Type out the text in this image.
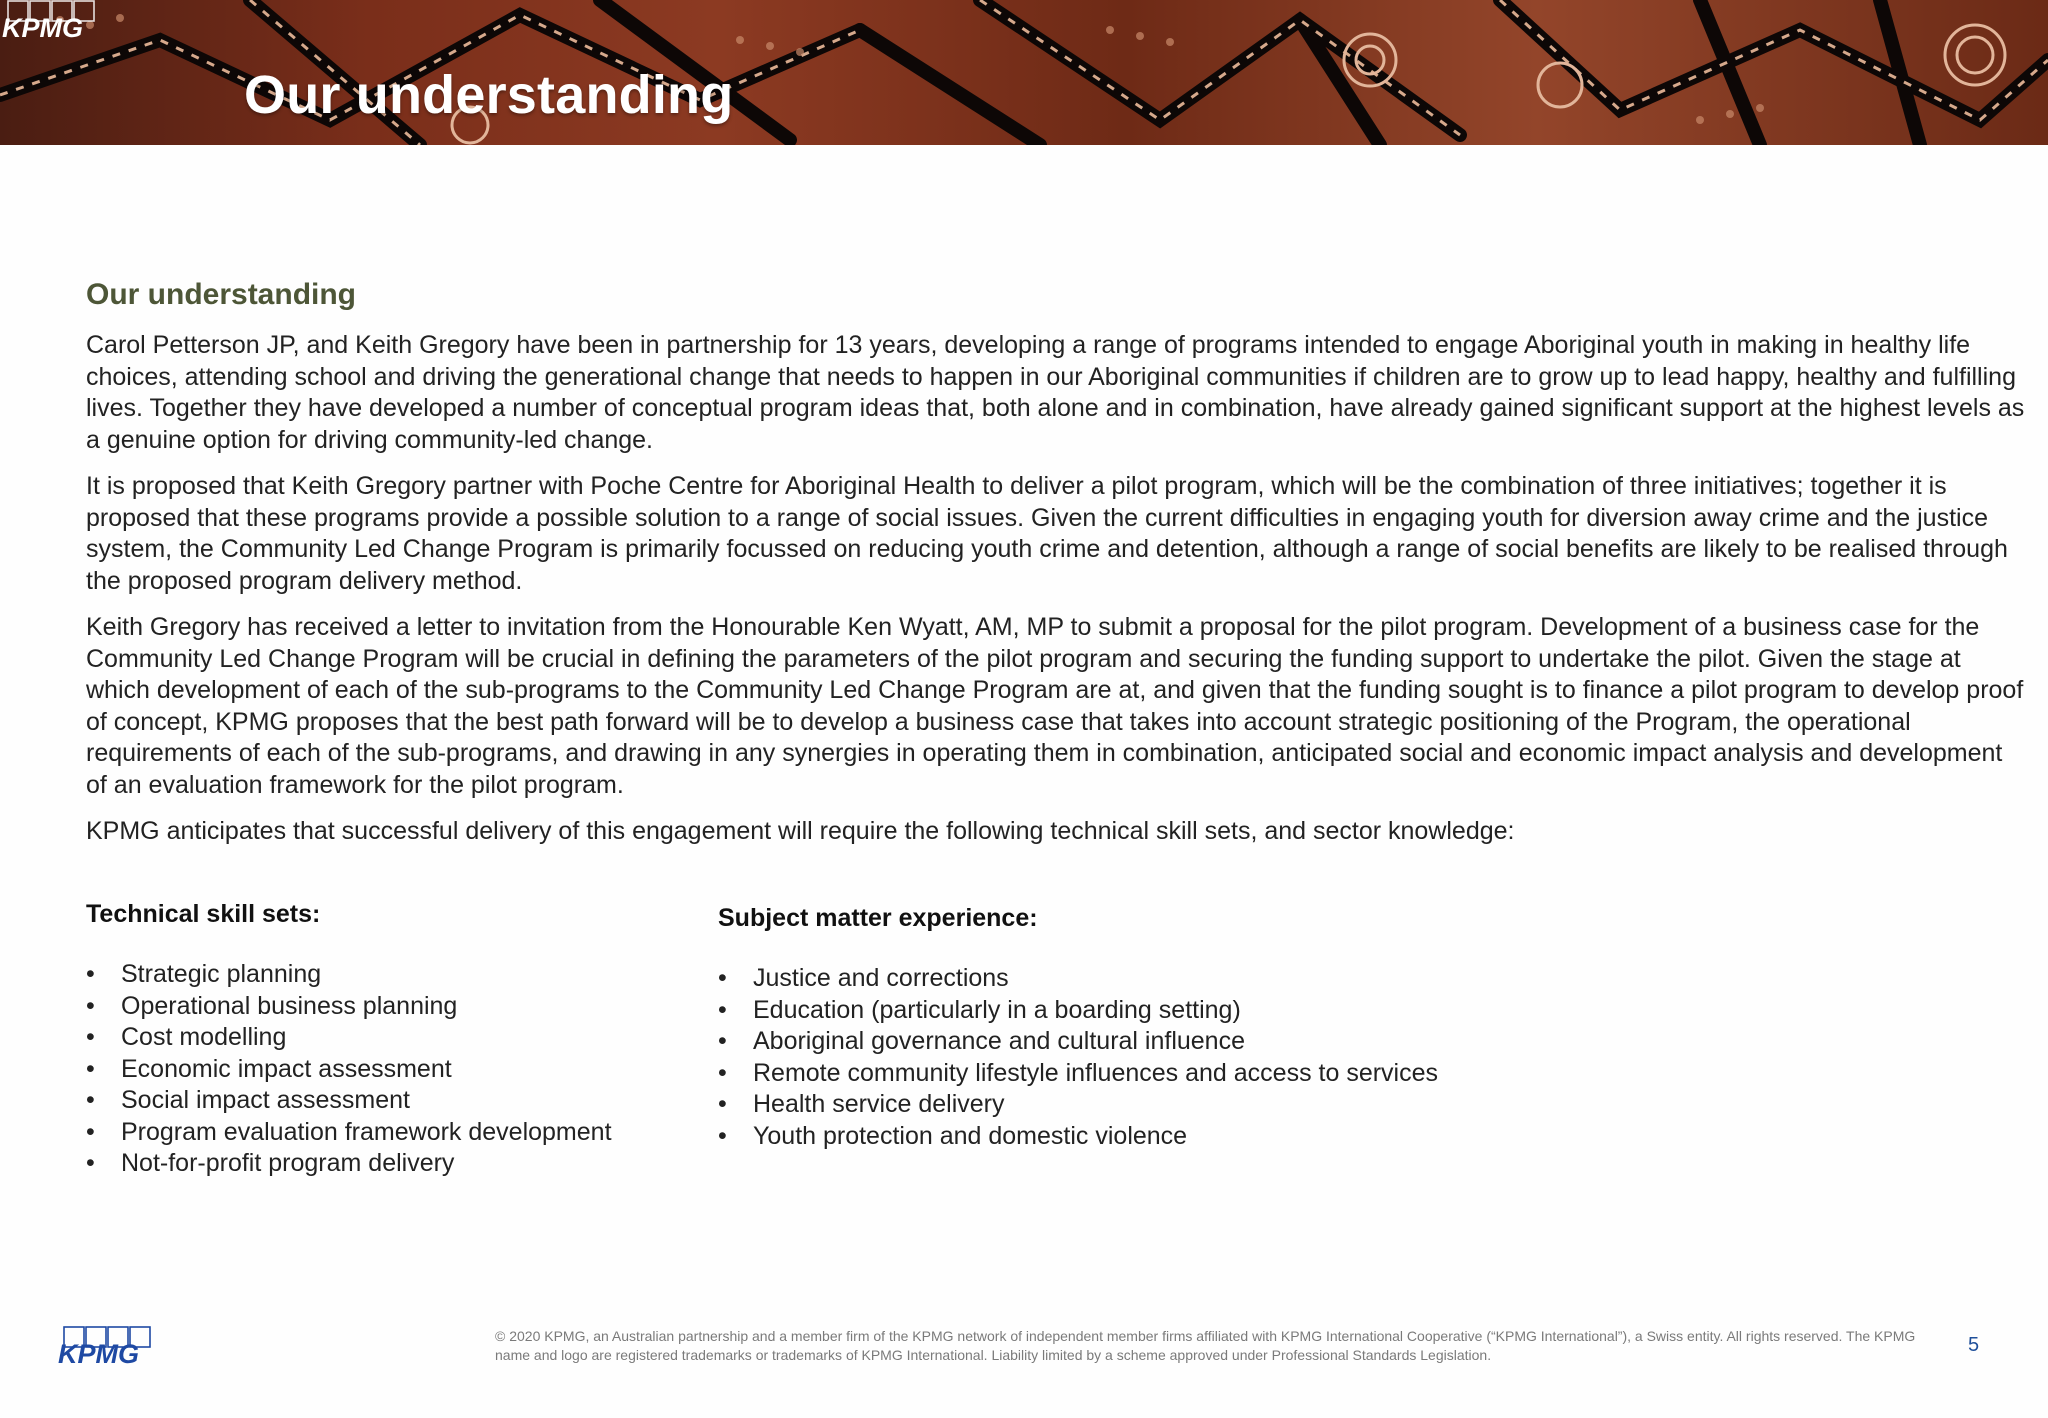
KPMG
Our understanding
Our understanding

Carol Petterson JP, and Keith Gregory have been in partnership for 13 years, developing a range of programs intended to engage Aboriginal youth in making in healthy life choices, attending school and driving the generational change that needs to happen in our Aboriginal communities if children are to grow up to lead happy, healthy and fulfilling lives. Together they have developed a number of conceptual program ideas that, both alone and in combination, have already gained significant support at the highest levels as a genuine option for driving community-led change.

It is proposed that Keith Gregory partner with Poche Centre for Aboriginal Health to deliver a pilot program, which will be the combination of three initiatives; together it is proposed that these programs provide a possible solution to a range of social issues. Given the current difficulties in engaging youth for diversion away crime and the justice system, the Community Led Change Program is primarily focussed on reducing youth crime and detention, although a range of social benefits are likely to be realised through the proposed program delivery method.

Keith Gregory has received a letter to invitation from the Honourable Ken Wyatt, AM, MP to submit a proposal for the pilot program. Development of a business case for the Community Led Change Program will be crucial in defining the parameters of the pilot program and securing the funding support to undertake the pilot. Given the stage at which development of each of the sub-programs to the Community Led Change Program are at, and given that the funding sought is to finance a pilot program to develop proof of concept, KPMG proposes that the best path forward will be to develop a business case that takes into account strategic positioning of the Program, the operational requirements of each of the sub-programs, and drawing in any synergies in operating them in combination, anticipated social and economic impact analysis and development of an evaluation framework for the pilot program.

KPMG anticipates that successful delivery of this engagement will require the following technical skill sets, and sector knowledge:

Technical skill sets:
• Strategic planning
• Operational business planning
• Cost modelling
• Economic impact assessment
• Social impact assessment
• Program evaluation framework development
• Not-for-profit program delivery
Subject matter experience:
• Justice and corrections
• Education (particularly in a boarding setting)
• Aboriginal governance and cultural influence
• Remote community lifestyle influences and access to services
• Health service delivery
• Youth protection and domestic violence
KPMG

© 2020 KPMG, an Australian partnership and a member firm of the KPMG network of independent member firms affiliated with KPMG International Cooperative (“KPMG International”), a Swiss entity. All rights reserved. The KPMG name and logo are registered trademarks or trademarks of KPMG International. Liability limited by a scheme approved under Professional Standards Legislation.	5
